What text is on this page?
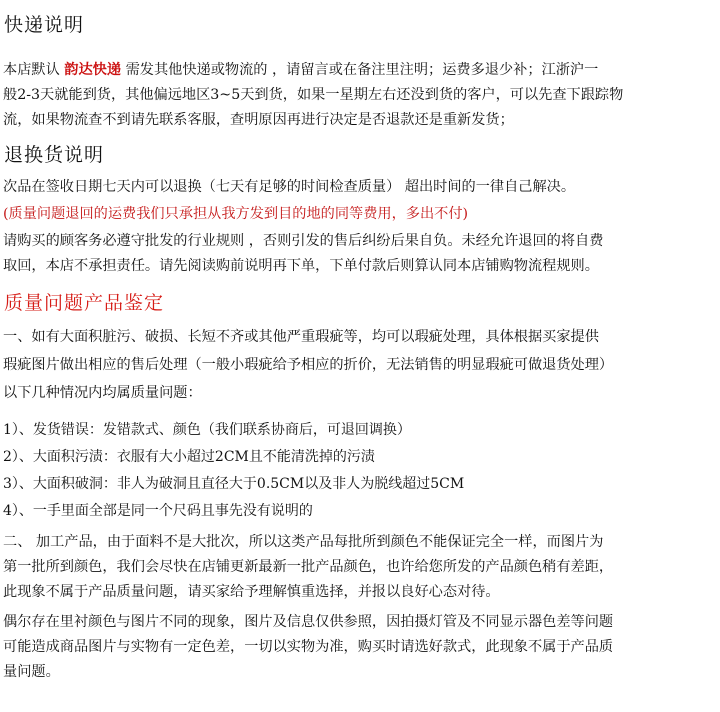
快递说明
本店默认 韵达快递 需发其他快递或物流的 ，请留言或在备注里注明；运费多退少补；江浙沪一
般2-3天就能到货，其他偏远地区3~5天到货，如果一星期左右还没到货的客户，可以先查下跟踪物
流，如果物流查不到请先联系客服，查明原因再进行决定是否退款还是重新发货；
退换货说明
次品在签收日期七天内可以退换（七天有足够的时间检查质量） 超出时间的一律自己解决。
(质量问题退回的运费我们只承担从我方发到目的地的同等费用，多出不付)
请购买的顾客务必遵守批发的行业规则 ，否则引发的售后纠纷后果自负。未经允许退回的将自费
取回，本店不承担责任。请先阅读购前说明再下单，下单付款后则算认同本店铺购物流程规则。
质量问题产品鉴定
一、如有大面积脏污、破损、长短不齐或其他严重瑕疵等，均可以瑕疵处理，具体根据买家提供
瑕疵图片做出相应的售后处理（一般小瑕疵给予相应的折价，无法销售的明显瑕疵可做退货处理）
以下几种情况内均属质量问题：
1）、发货错误：发错款式、颜色（我们联系协商后，可退回调换）
2）、大面积污渍：衣服有大小超过2CM且不能清洗掉的污渍
3）、大面积破洞：非人为破洞且直径大于0.5CM以及非人为脱线超过5CM
4）、一手里面全部是同一个尺码且事先没有说明的
二、 加工产品，由于面料不是大批次，所以这类产品每批所到颜色不能保证完全一样，而图片为
第一批所到颜色，我们会尽快在店铺更新最新一批产品颜色，也许给您所发的产品颜色稍有差距，
此现象不属于产品质量问题，请买家给予理解慎重选择，并报以良好心态对待。
偶尔存在里衬颜色与图片不同的现象，图片及信息仅供参照，因拍摄灯管及不同显示器色差等问题
可能造成商品图片与实物有一定色差，一切以实物为准，购买时请选好款式，此现象不属于产品质
量问题。
